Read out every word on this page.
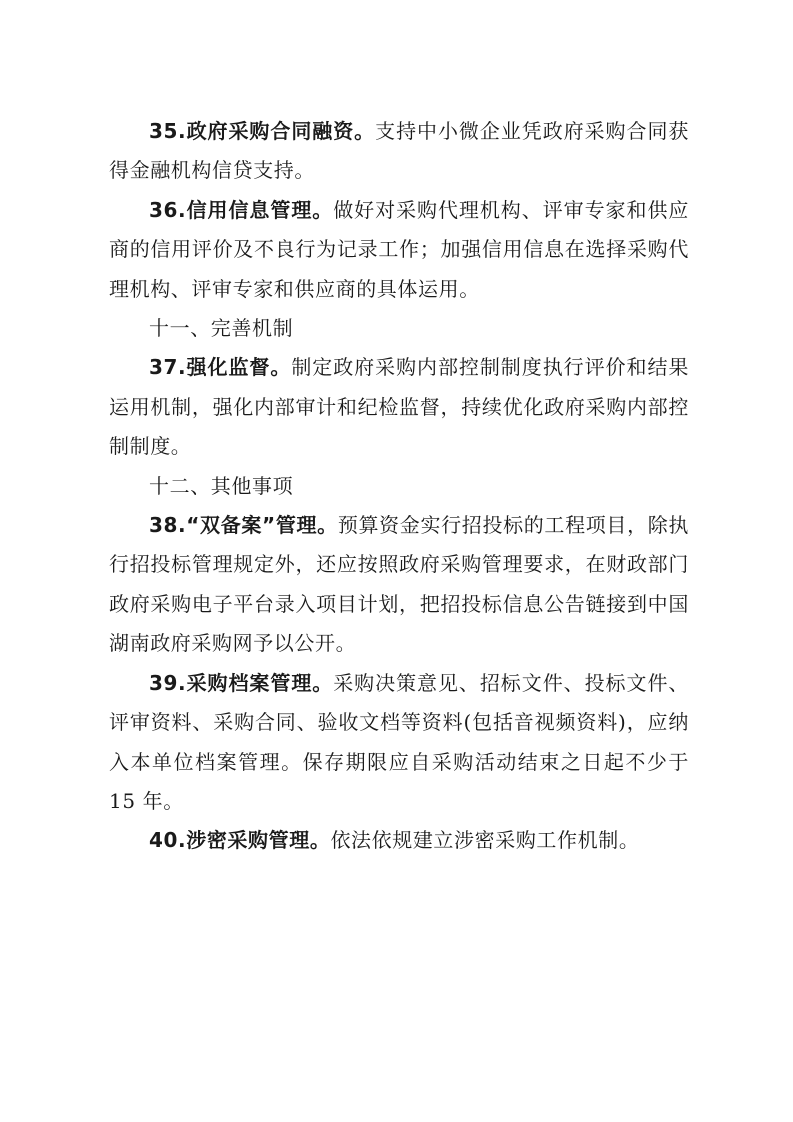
35.政府采购合同融资。支持中小微企业凭政府采购合同获得金融机构信贷支持。

36.信用信息管理。做好对采购代理机构、评审专家和供应商的信用评价及不良行为记录工作；加强信用信息在选择采购代理机构、评审专家和供应商的具体运用。

十一、完善机制

37.强化监督。制定政府采购内部控制制度执行评价和结果运用机制，强化内部审计和纪检监督，持续优化政府采购内部控制制度。

十二、其他事项

38.“双备案”管理。预算资金实行招投标的工程项目，除执行招投标管理规定外，还应按照政府采购管理要求，在财政部门政府采购电子平台录入项目计划，把招投标信息公告链接到中国湖南政府采购网予以公开。

39.采购档案管理。采购决策意见、招标文件、投标文件、评审资料、采购合同、验收文档等资料(包括音视频资料)，应纳入本单位档案管理。保存期限应自采购活动结束之日起不少于 15 年。

40.涉密采购管理。依法依规建立涉密采购工作机制。
